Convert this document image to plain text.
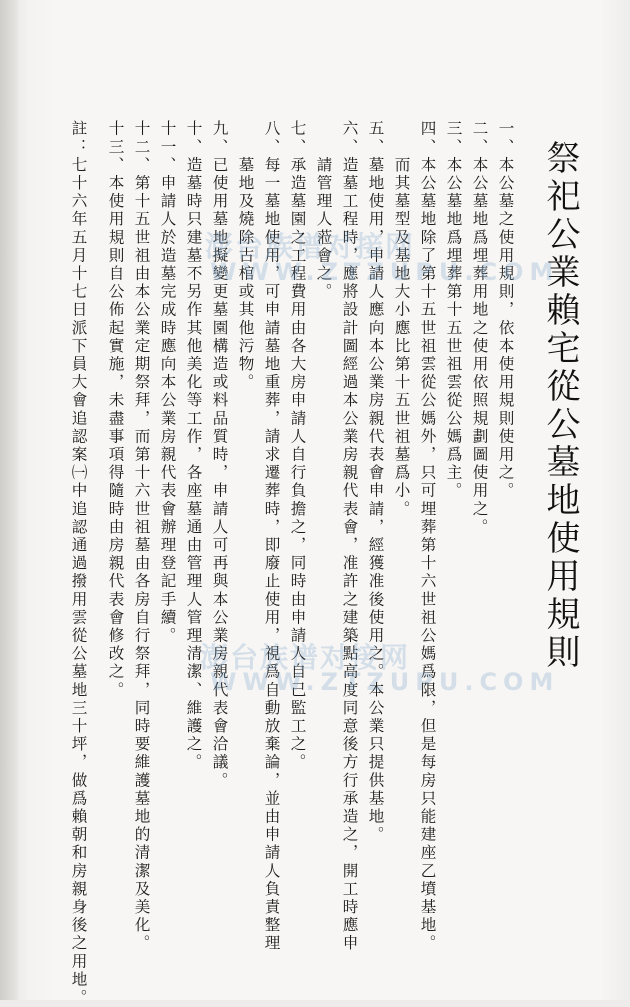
祭祀公業賴宅從公墓地使用規則
一、本公墓之使用規則，依本使用規則使用之。
二、本公墓地爲埋葬用地之使用依照規劃圖使用之。
三、本公墓地爲埋葬第十五世祖雲從公媽爲主。
四、本公墓地除了第十五世祖雲從公媽外，只可埋葬第十六世祖公媽爲限，但是每房只能建座乙墳基地。
　　而其墓型及基地大小應比第十五世祖墓爲小。
五、墓地使用，申請人應向本公業房親代表會申請，經獲准後使用之。本公業只提供基地。
六、造墓工程時，應將設計圖經過本公業房親代表會，准許之建築點高度同意後方行承造之，開工時應申
　　請管理人蒞會之。
七、承造墓園之工程費用由各大房申請人自行負擔之，同時由申請人自己監工之。
八、每一墓地使用，可申請墓地重葬，請求遷葬時，即廢止使用，視爲自動放棄論，並由申請人負責整理
　　墓地及燒除古棺或其他污物。
九、已使用墓地擬變更墓園構造或料品質時，申請人可再與本公業房親代表會洽議。
十、造墓時只建墓不另作其他美化等工作，各座墓通由管理人管理清潔、維護之。
十一、申請人於造墓完成時應向本公業房親代表會辦理登記手續。
十二、第十五世祖由本公業定期祭拜，而第十六世祖墓由各房自行祭拜，同時要維護墓地的清潔及美化。
十三、本使用規則自公佈起實施，未盡事項得隨時由房親代表會修改之。
註：七十六年五月十七日派下員大會追認案㈠中追認通過撥用雲從公墓地三十坪，做爲賴朝和房親身後之用地。	澎台族谱对接网
WWW.ZTZUPU.COM
澎台族谱对接网
WWW.ZTZUPU.COM
